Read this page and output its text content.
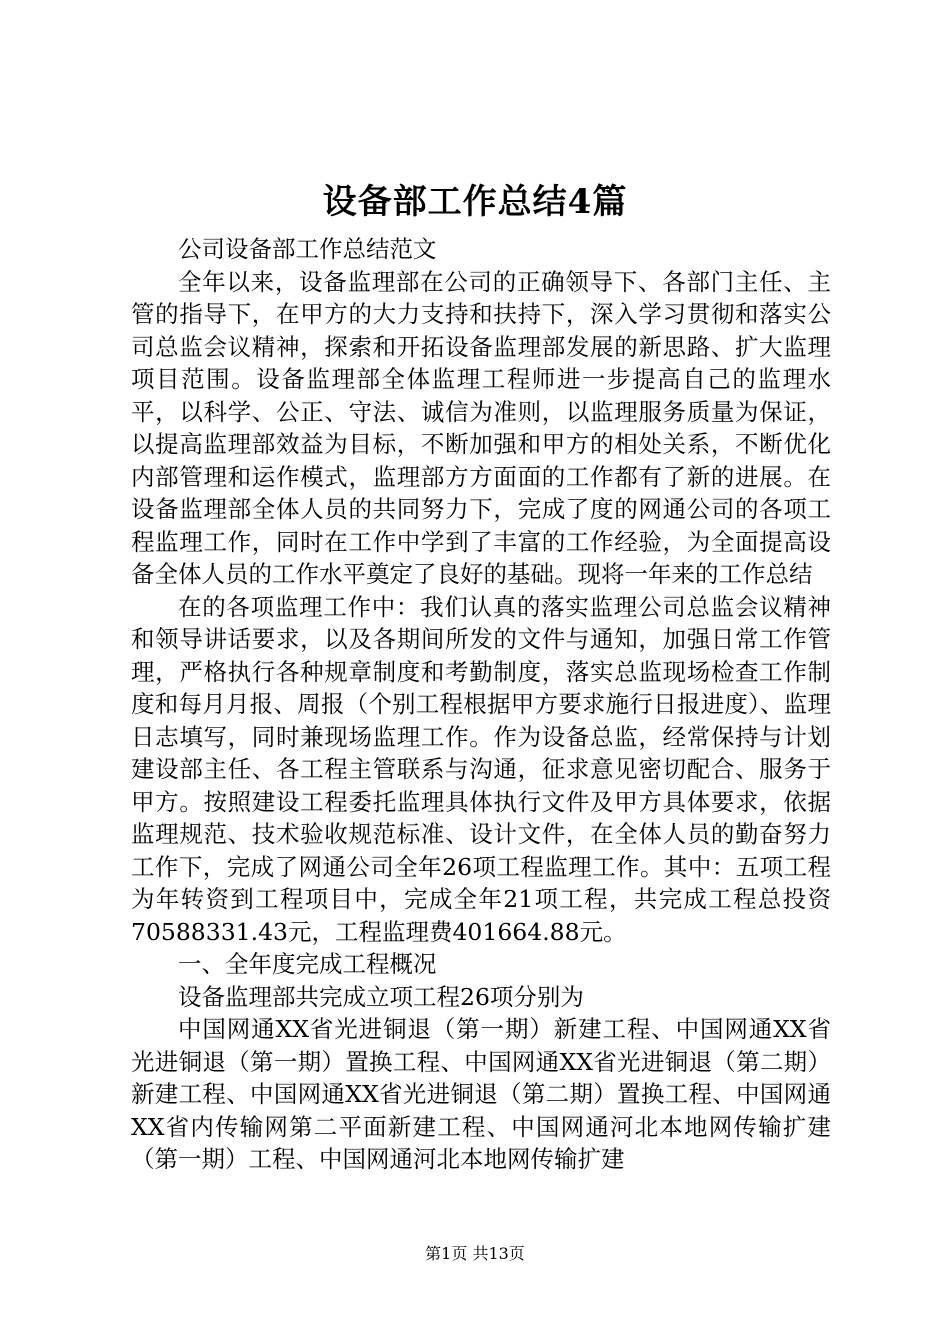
设备部工作总结4篇

公司设备部工作总结范文

全年以来，设备监理部在公司的正确领导下、各部门主任、主管的指导下，在甲方的大力支持和扶持下，深入学习贯彻和落实公司总监会议精神，探索和开拓设备监理部发展的新思路、扩大监理项目范围。设备监理部全体监理工程师进一步提高自己的监理水平，以科学、公正、守法、诚信为准则，以监理服务质量为保证，以提高监理部效益为目标，不断加强和甲方的相处关系，不断优化内部管理和运作模式，监理部方方面面的工作都有了新的进展。在设备监理部全体人员的共同努力下，完成了度的网通公司的各项工程监理工作，同时在工作中学到了丰富的工作经验，为全面提高设备全体人员的工作水平奠定了良好的基础。现将一年来的工作总结

在的各项监理工作中：我们认真的落实监理公司总监会议精神和领导讲话要求，以及各期间所发的文件与通知，加强日常工作管理，严格执行各种规章制度和考勤制度，落实总监现场检查工作制度和每月月报、周报（个别工程根据甲方要求施行日报进度）、监理日志填写，同时兼现场监理工作。作为设备总监，经常保持与计划建设部主任、各工程主管联系与沟通，征求意见密切配合、服务于甲方。按照建设工程委托监理具体执行文件及甲方具体要求，依据监理规范、技术验收规范标准、设计文件，在全体人员的勤奋努力工作下，完成了网通公司全年26项工程监理工作。其中：五项工程为年转资到工程项目中，完成全年21项工程，共完成工程总投资70588331.43元，工程监理费401664.88元。

一、全年度完成工程概况

设备监理部共完成立项工程26项分别为

中国网通XX省光进铜退（第一期）新建工程、中国网通XX省光进铜退（第一期）置换工程、中国网通XX省光进铜退（第二期）新建工程、中国网通XX省光进铜退（第二期）置换工程、中国网通XX省内传输网第二平面新建工程、中国网通河北本地网传输扩建（第一期）工程、中国网通河北本地网传输扩建

第1页 共13页
